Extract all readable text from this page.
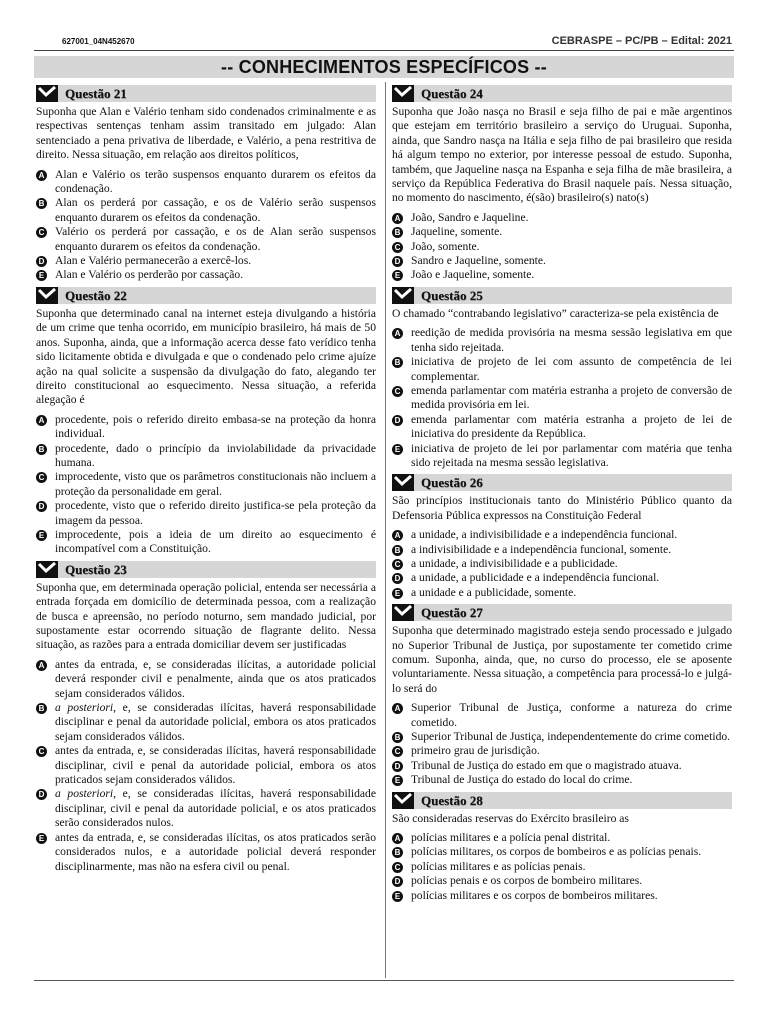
627001_04N452670	CEBRASPE – PC/PB – Edital: 2021
-- CONHECIMENTOS ESPECÍFICOS --
Questão 21

Suponha que Alan e Valério tenham sido condenados criminalmente e as respectivas sentenças tenham assim transitado em julgado: Alan sentenciado a pena privativa de liberdade, e Valério, a pena restritiva de direito. Nessa situação, em relação aos direitos políticos,

A Alan e Valério os terão suspensos enquanto durarem os efeitos da condenação.
B Alan os perderá por cassação, e os de Valério serão suspensos enquanto durarem os efeitos da condenação.
C Valério os perderá por cassação, e os de Alan serão suspensos enquanto durarem os efeitos da condenação.
D Alan e Valério permanecerão a exercê-los.
E Alan e Valério os perderão por cassação.
Questão 22

Suponha que determinado canal na internet esteja divulgando a história de um crime que tenha ocorrido, em município brasileiro, há mais de 50 anos. Suponha, ainda, que a informação acerca desse fato verídico tenha sido licitamente obtida e divulgada e que o condenado pelo crime ajuíze ação na qual solicite a suspensão da divulgação do fato, alegando ter direito constitucional ao esquecimento. Nessa situação, a referida alegação é

A procedente, pois o referido direito embasa-se na proteção da honra individual.
B procedente, dado o princípio da inviolabilidade da privacidade humana.
C improcedente, visto que os parâmetros constitucionais não incluem a proteção da personalidade em geral.
D procedente, visto que o referido direito justifica-se pela proteção da imagem da pessoa.
E improcedente, pois a ideia de um direito ao esquecimento é incompatível com a Constituição.
Questão 23

Suponha que, em determinada operação policial, entenda ser necessária a entrada forçada em domicílio de determinada pessoa, com a realização de busca e apreensão, no período noturno, sem mandado judicial, por supostamente estar ocorrendo situação de flagrante delito. Nessa situação, as razões para a entrada domiciliar devem ser justificadas

A antes da entrada, e, se consideradas ilícitas, a autoridade policial deverá responder civil e penalmente, ainda que os atos praticados sejam considerados válidos.
B a posteriori, e, se consideradas ilícitas, haverá responsabilidade disciplinar e penal da autoridade policial, embora os atos praticados sejam considerados válidos.
C antes da entrada, e, se consideradas ilícitas, haverá responsabilidade disciplinar, civil e penal da autoridade policial, embora os atos praticados sejam considerados válidos.
D a posteriori, e, se consideradas ilícitas, haverá responsabilidade disciplinar, civil e penal da autoridade policial, e os atos praticados serão considerados nulos.
E antes da entrada, e, se consideradas ilícitas, os atos praticados serão considerados nulos, e a autoridade policial deverá responder disciplinarmente, mas não na esfera civil ou penal.
Questão 24

Suponha que João nasça no Brasil e seja filho de pai e mãe argentinos que estejam em território brasileiro a serviço do Uruguai. Suponha, ainda, que Sandro nasça na Itália e seja filho de pai brasileiro que resida há algum tempo no exterior, por interesse pessoal de estudo. Suponha, também, que Jaqueline nasça na Espanha e seja filha de mãe brasileira, a serviço da República Federativa do Brasil naquele país. Nessa situação, no momento do nascimento, é(são) brasileiro(s) nato(s)

A João, Sandro e Jaqueline.
B Jaqueline, somente.
C João, somente.
D Sandro e Jaqueline, somente.
E João e Jaqueline, somente.
Questão 25

O chamado “contrabando legislativo” caracteriza-se pela existência de

A reedição de medida provisória na mesma sessão legislativa em que tenha sido rejeitada.
B iniciativa de projeto de lei com assunto de competência de lei complementar.
C emenda parlamentar com matéria estranha a projeto de conversão de medida provisória em lei.
D emenda parlamentar com matéria estranha a projeto de lei de iniciativa do presidente da República.
E iniciativa de projeto de lei por parlamentar com matéria que tenha sido rejeitada na mesma sessão legislativa.
Questão 26

São princípios institucionais tanto do Ministério Público quanto da Defensoria Pública expressos na Constituição Federal

A a unidade, a indivisibilidade e a independência funcional.
B a indivisibilidade e a independência funcional, somente.
C a unidade, a indivisibilidade e a publicidade.
D a unidade, a publicidade e a independência funcional.
E a unidade e a publicidade, somente.
Questão 27

Suponha que determinado magistrado esteja sendo processado e julgado no Superior Tribunal de Justiça, por supostamente ter cometido crime comum. Suponha, ainda, que, no curso do processo, ele se aposente voluntariamente. Nessa situação, a competência para processá-lo e julgá-lo será do

A Superior Tribunal de Justiça, conforme a natureza do crime cometido.
B Superior Tribunal de Justiça, independentemente do crime cometido.
C primeiro grau de jurisdição.
D Tribunal de Justiça do estado em que o magistrado atuava.
E Tribunal de Justiça do estado do local do crime.
Questão 28

São consideradas reservas do Exército brasileiro as

A polícias militares e a polícia penal distrital.
B polícias militares, os corpos de bombeiros e as polícias penais.
C polícias militares e as polícias penais.
D polícias penais e os corpos de bombeiro militares.
E polícias militares e os corpos de bombeiros militares.
